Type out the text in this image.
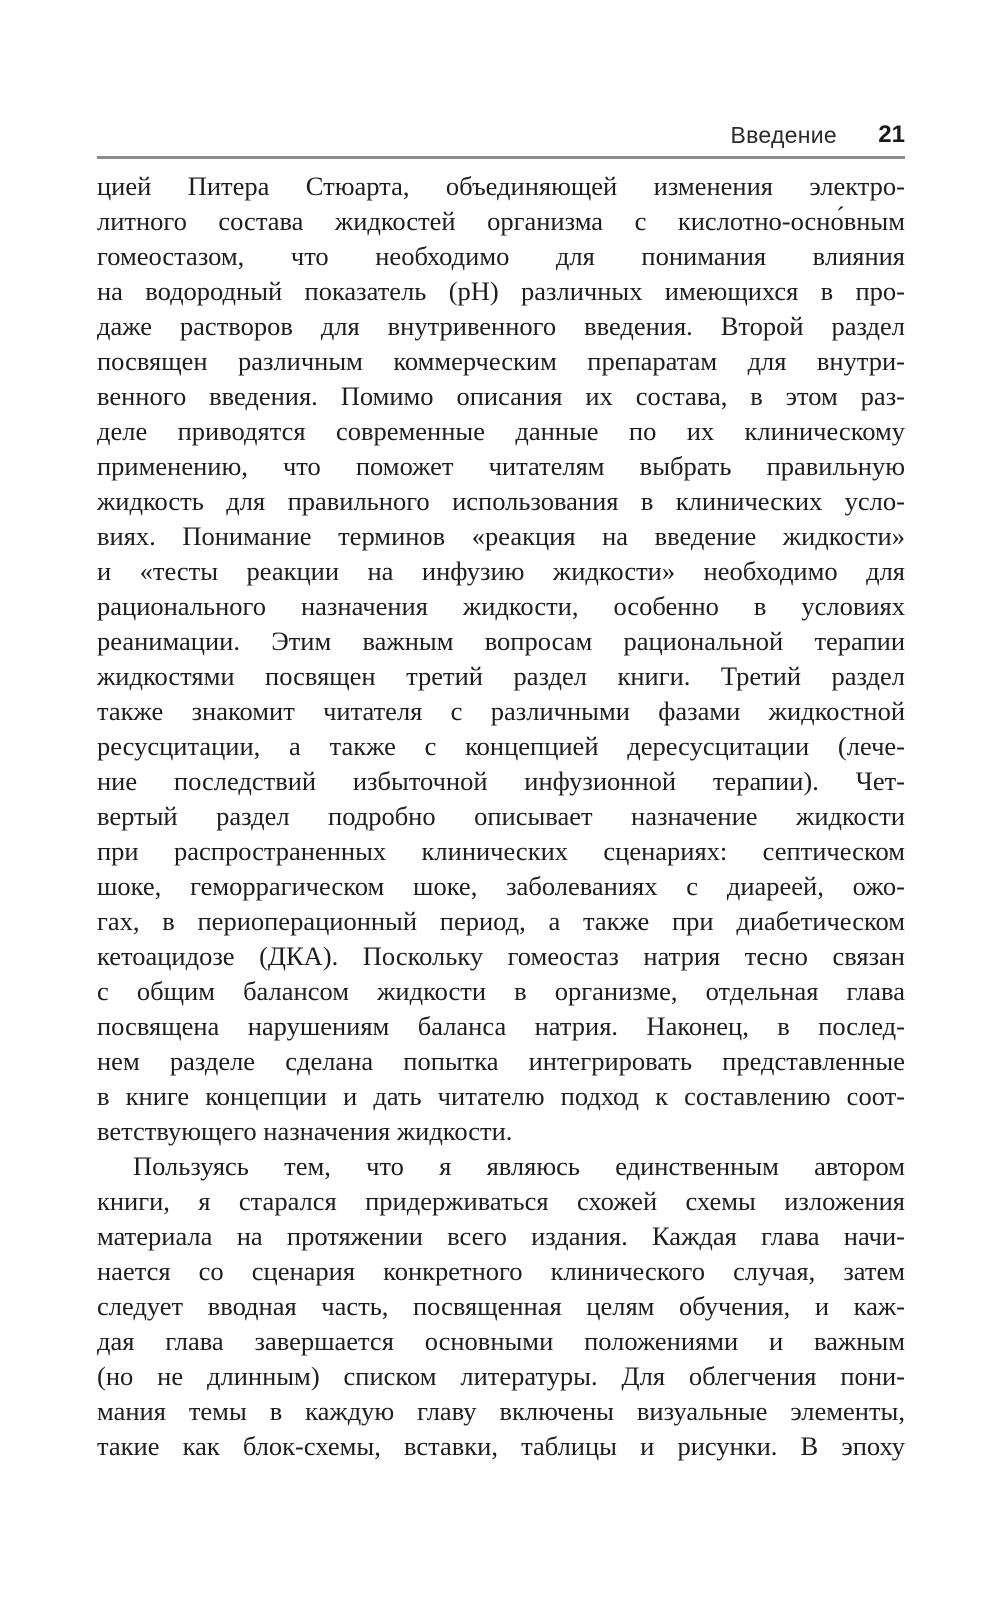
Введение 21
цией Питера Стюарта, объединяющей изменения электро-
литного состава жидкостей организма с кислотно-осно́вным
гомеостазом, что необходимо для понимания влияния
на водородный показатель (pH) различных имеющихся в про-
даже растворов для внутривенного введения. Второй раздел
посвящен различным коммерческим препаратам для внутри-
венного введения. Помимо описания их состава, в этом раз-
деле приводятся современные данные по их клиническому
применению, что поможет читателям выбрать правильную
жидкость для правильного использования в клинических усло-
виях. Понимание терминов «реакция на введение жидкости»
и «тесты реакции на инфузию жидкости» необходимо для
рационального назначения жидкости, особенно в условиях
реанимации. Этим важным вопросам рациональной терапии
жидкостями посвящен третий раздел книги. Третий раздел
также знакомит читателя с различными фазами жидкостной
ресусцитации, а также с концепцией дересусцитации (лече-
ние последствий избыточной инфузионной терапии). Чет-
вертый раздел подробно описывает назначение жидкости
при распространенных клинических сценариях: септическом
шоке, геморрагическом шоке, заболеваниях с диареей, ожо-
гах, в периоперационный период, а также при диабетическом
кетоацидозе (ДКА). Поскольку гомеостаз натрия тесно связан
с общим балансом жидкости в организме, отдельная глава
посвящена нарушениям баланса натрия. Наконец, в послед-
нем разделе сделана попытка интегрировать представленные
в книге концепции и дать читателю подход к составлению соот-
ветствующего назначения жидкости.
Пользуясь тем, что я являюсь единственным автором
книги, я старался придерживаться схожей схемы изложения
материала на протяжении всего издания. Каждая глава начи-
нается со сценария конкретного клинического случая, затем
следует вводная часть, посвященная целям обучения, и каж-
дая глава завершается основными положениями и важным
(но не длинным) списком литературы. Для облегчения пони-
мания темы в каждую главу включены визуальные элементы,
такие как блок-схемы, вставки, таблицы и рисунки. В эпоху
